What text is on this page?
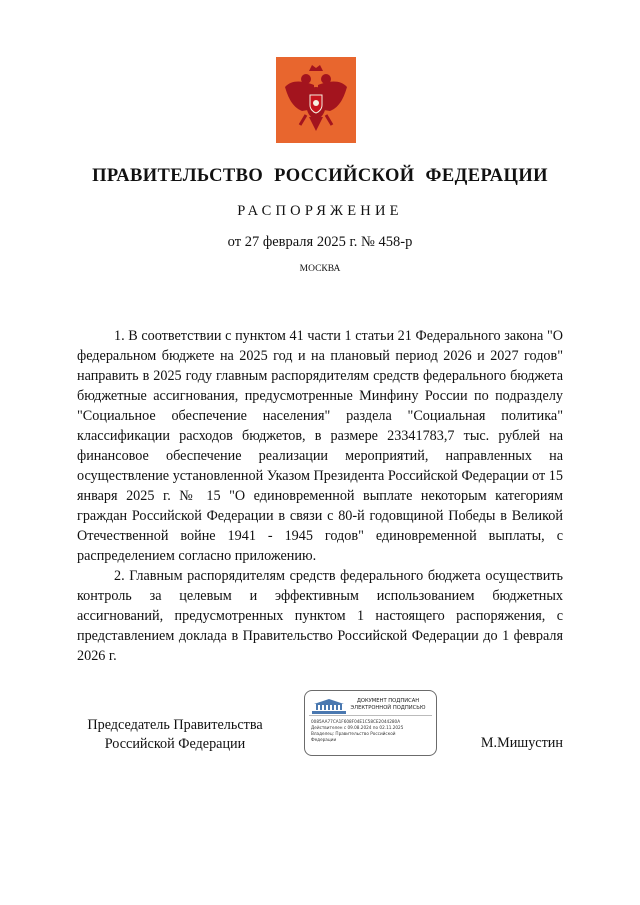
ПРАВИТЕЛЬСТВО РОССИЙСКОЙ ФЕДЕРАЦИИ
РАСПОРЯЖЕНИЕ
от 27 февраля 2025 г. № 458-р
МОСКВА

1. В соответствии с пунктом 41 части 1 статьи 21 Федерального закона "О федеральном бюджете на 2025 год и на плановый период 2026 и 2027 годов" направить в 2025 году главным распорядителям средств федерального бюджета бюджетные ассигнования, предусмотренные Минфину России по подразделу "Социальное обеспечение населения" раздела "Социальная политика" классификации расходов бюджетов, в размере 23341783,7 тыс. рублей на финансовое обеспечение реализации мероприятий, направленных на осуществление установленной Указом Президента Российской Федерации от 15 января 2025 г. № 15 "О единовременной выплате некоторым категориям граждан Российской Федерации в связи с 80-й годовщиной Победы в Великой Отечественной войне 1941 - 1945 годов" единовременной выплаты, с распределением согласно приложению.

2. Главным распорядителям средств федерального бюджета осуществить контроль за целевым и эффективным использованием бюджетных ассигнований, предусмотренных пунктом 1 настоящего распоряжения, с представлением доклада в Правительство Российской Федерации до 1 февраля 2026 г.

Председатель Правительства
Российской Федерации
ДОКУМЕНТ ПОДПИСАН
ЭЛЕКТРОННОЙ ПОДПИСЬЮ
0085AA77CA1F608F04E1C58CE2044280A
Действителен с 09.08.2024 по 02.11.2025
Владелец: Правительство Российской
Федерации	М.Мишустин
